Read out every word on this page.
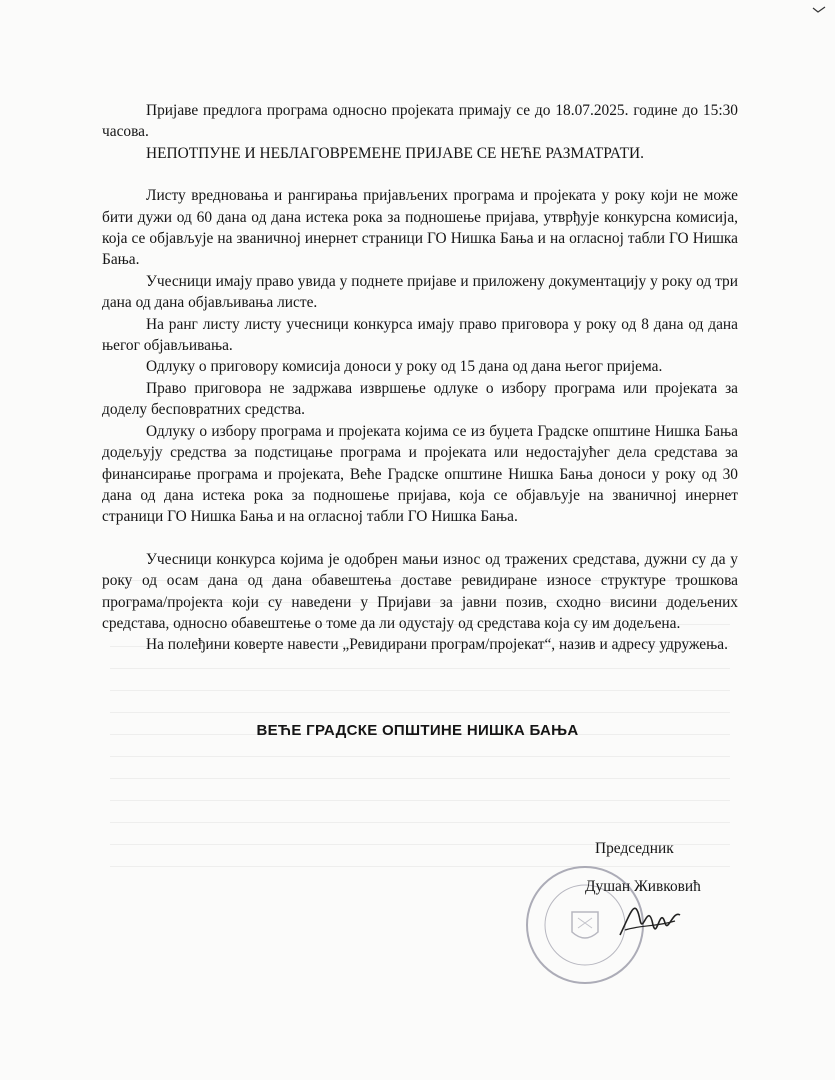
Пријаве предлога програма односно пројеката примају се до 18.07.2025. године до 15:30 часова.

НЕПОТПУНЕ И НЕБЛАГОВРЕМЕНЕ ПРИЈАВЕ СЕ НЕЋЕ РАЗМАТРАТИ.

Листу вредновања и рангирања пријављених програма и пројеката у року који не може бити дужи од 60 дана од дана истека рока за подношење пријава, утврђује конкурсна комисија, која се објављује на званичној инернет страници ГО Нишка Бања и на огласној табли ГО Нишка Бања.

Учесници имају право увида у поднете пријаве и приложену документацију у року од три дана од дана објављивања листе.

На ранг листу листу учесници конкурса имају право приговора у року од 8 дана од дана његог објављивања.

Одлуку о приговору комисија доноси у року од 15 дана од дана његог пријема.

Право приговора не задржава извршење одлуке о избору програма или пројеката за доделу бесповратних средства.

Одлуку о избору програма и пројеката којима се из буџета Градске општине Нишка Бања додељују средства за подстицање програма и пројеката или недостајућег дела средстава за финансирање програма и пројеката, Веће Градске општине Нишка Бања доноси у року од 30 дана од дана истека рока за подношење пријава, која се објављује на званичној инернет страници ГО Нишка Бања и на огласној табли ГО Нишка Бања.

Учесници конкурса којима је одобрен мањи износ од тражених средстава, дужни су да у року од осам дана од дана обавештења доставе ревидиране износе структуре трошкова програма/пројекта који су наведени у Пријави за јавни позив, сходно висини додељених средстава, односно обавештење о томе да ли одустају од средстава која су им додељена.

На полеђини коверте навести „Ревидирани програм/пројекат“, назив и адресу удружења.

ВЕЋЕ ГРАДСКЕ ОПШТИНЕ НИШКА БАЊА
Председник
Душан Живковић
